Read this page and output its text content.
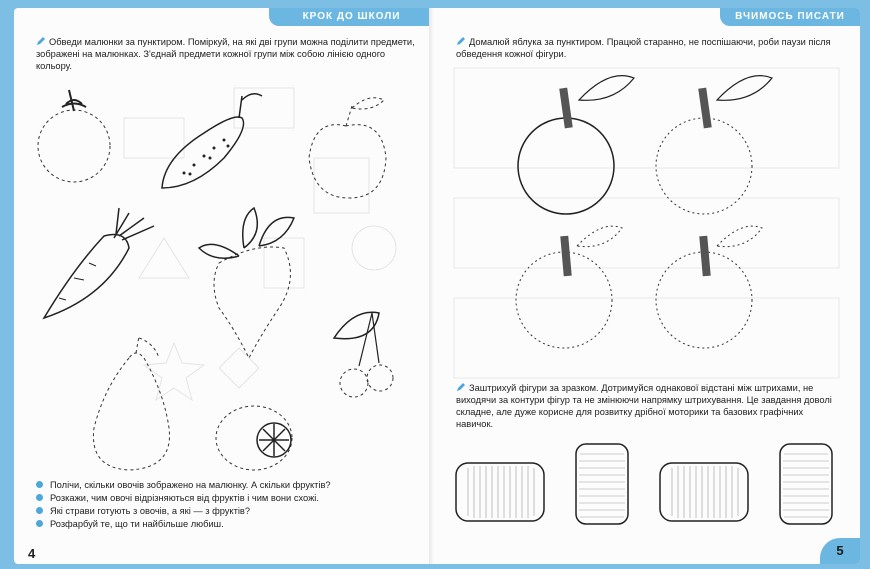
КРОК ДО ШКОЛИ
Обведи малюнки за пунктиром. Поміркуй, на які дві групи можна поділити предмети, зображені на малюнках. З'єднай предмети кожної групи між собою лінією одного кольору.
Полічи, скільки овочів зображено на малюнку. А скільки фруктів?
Розкажи, чим овочі відрізняються від фруктів і чим вони схожі.
Які страви готують з овочів, а які — з фруктів?
Розфарбуй те, що ти найбільше любиш.
4
ВЧИМОСЬ ПИСАТИ
Домалюй яблука за пунктиром. Працюй старанно, не поспішаючи, роби паузи після обведення кожної фігури.
Заштрихуй фігури за зразком. Дотримуйся однакової відстані між штрихами, не виходячи за контури фігур та не змінюючи напрямку штрихування. Це завдання доволі складне, але дуже корисне для розвитку дрібної моторики та базових графічних навичок.
5
